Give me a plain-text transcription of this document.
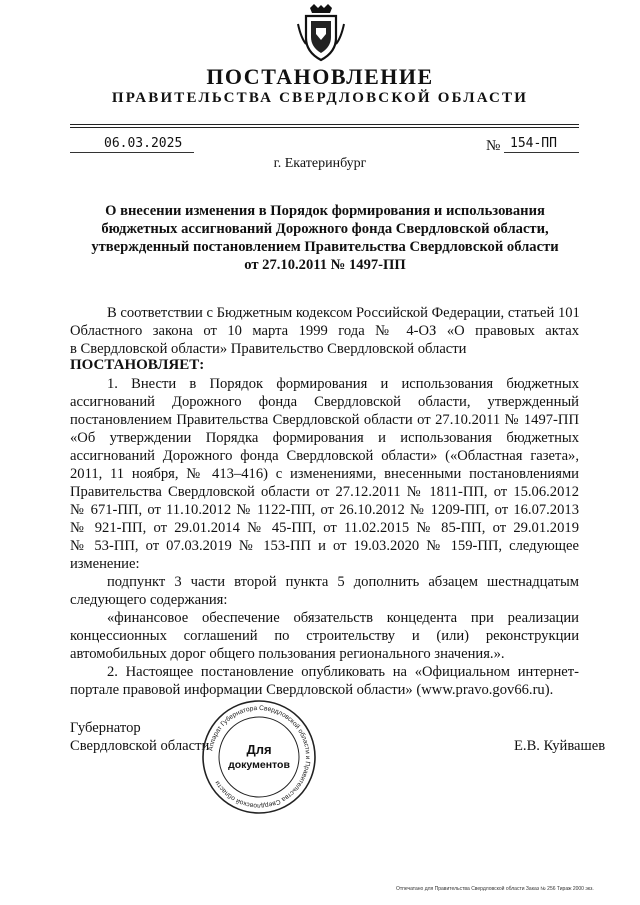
ПОСТАНОВЛЕНИЕ
ПРАВИТЕЛЬСТВА СВЕРДЛОВСКОЙ ОБЛАСТИ
06.03.2025	№ 154-ПП
г. Екатеринбург
О внесении изменения в Порядок формирования и использования
бюджетных ассигнований Дорожного фонда Свердловской области,
утвержденный постановлением Правительства Свердловской области
от 27.10.2011 № 1497-ПП
В соответствии с Бюджетным кодексом Российской Федерации, статьей 101
Областного закона от 10 марта 1999 года № 4-ОЗ «О правовых актах
в Свердловской области» Правительство Свердловской области
ПОСТАНОВЛЯЕТ:
1. Внести в Порядок формирования и использования бюджетных
ассигнований Дорожного фонда Свердловской области, утвержденный
постановлением Правительства Свердловской области от 27.10.2011 № 1497-ПП
«Об утверждении Порядка формирования и использования бюджетных
ассигнований Дорожного фонда Свердловской области» («Областная газета»,
2011, 11 ноября, № 413–416) с изменениями, внесенными постановлениями
Правительства Свердловской области от 27.12.2011 № 1811-ПП, от 15.06.2012
№ 671-ПП, от 11.10.2012 № 1122-ПП, от 26.10.2012 № 1209-ПП, от 16.07.2013
№ 921-ПП, от 29.01.2014 № 45-ПП, от 11.02.2015 № 85-ПП, от 29.01.2019
№ 53-ПП, от 07.03.2019 № 153-ПП и от 19.03.2020 № 159-ПП, следующее
изменение:
подпункт 3 части второй пункта 5 дополнить абзацем шестнадцатым
следующего содержания:
«финансовое обеспечение обязательств концедента при реализации
концессионных соглашений по строительству и (или) реконструкции
автомобильных дорог общего пользования регионального значения.».
2. Настоящее постановление опубликовать на «Официальном интернет-
портале правовой информации Свердловской области» (www.pravo.gov66.ru).
Губернатор
Свердловской области	Е.В. Куйвашев
Аппарат Губернатора Свердловской области и Правительства Свердловской области
Для
документов
Отпечатано для Правительства Свердловской области Заказ № 256 Тираж 2000 экз.
